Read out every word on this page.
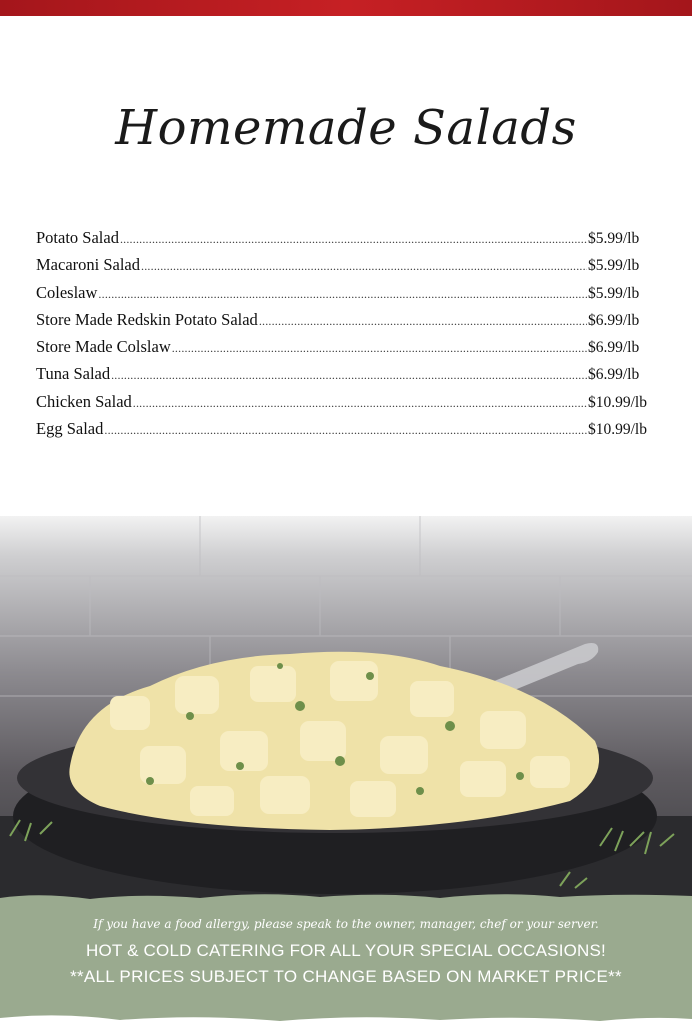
Homemade Salads
Potato Salad .....	$5.99/lb
Macaroni Salad .....	$5.99/lb
Coleslaw .....	$5.99/lb
Store Made Redskin Potato Salad .....	$6.99/lb
Store Made Colslaw .....	$6.99/lb
Tuna Salad .....	$6.99/lb
Chicken Salad .....	$10.99/lb
Egg Salad .....	$10.99/lb
If you have a food allergy, please speak to the owner, manager, chef or your server.
HOT & COLD CATERING FOR ALL YOUR SPECIAL OCCASIONS!
**ALL PRICES SUBJECT TO CHANGE BASED ON MARKET PRICE**
